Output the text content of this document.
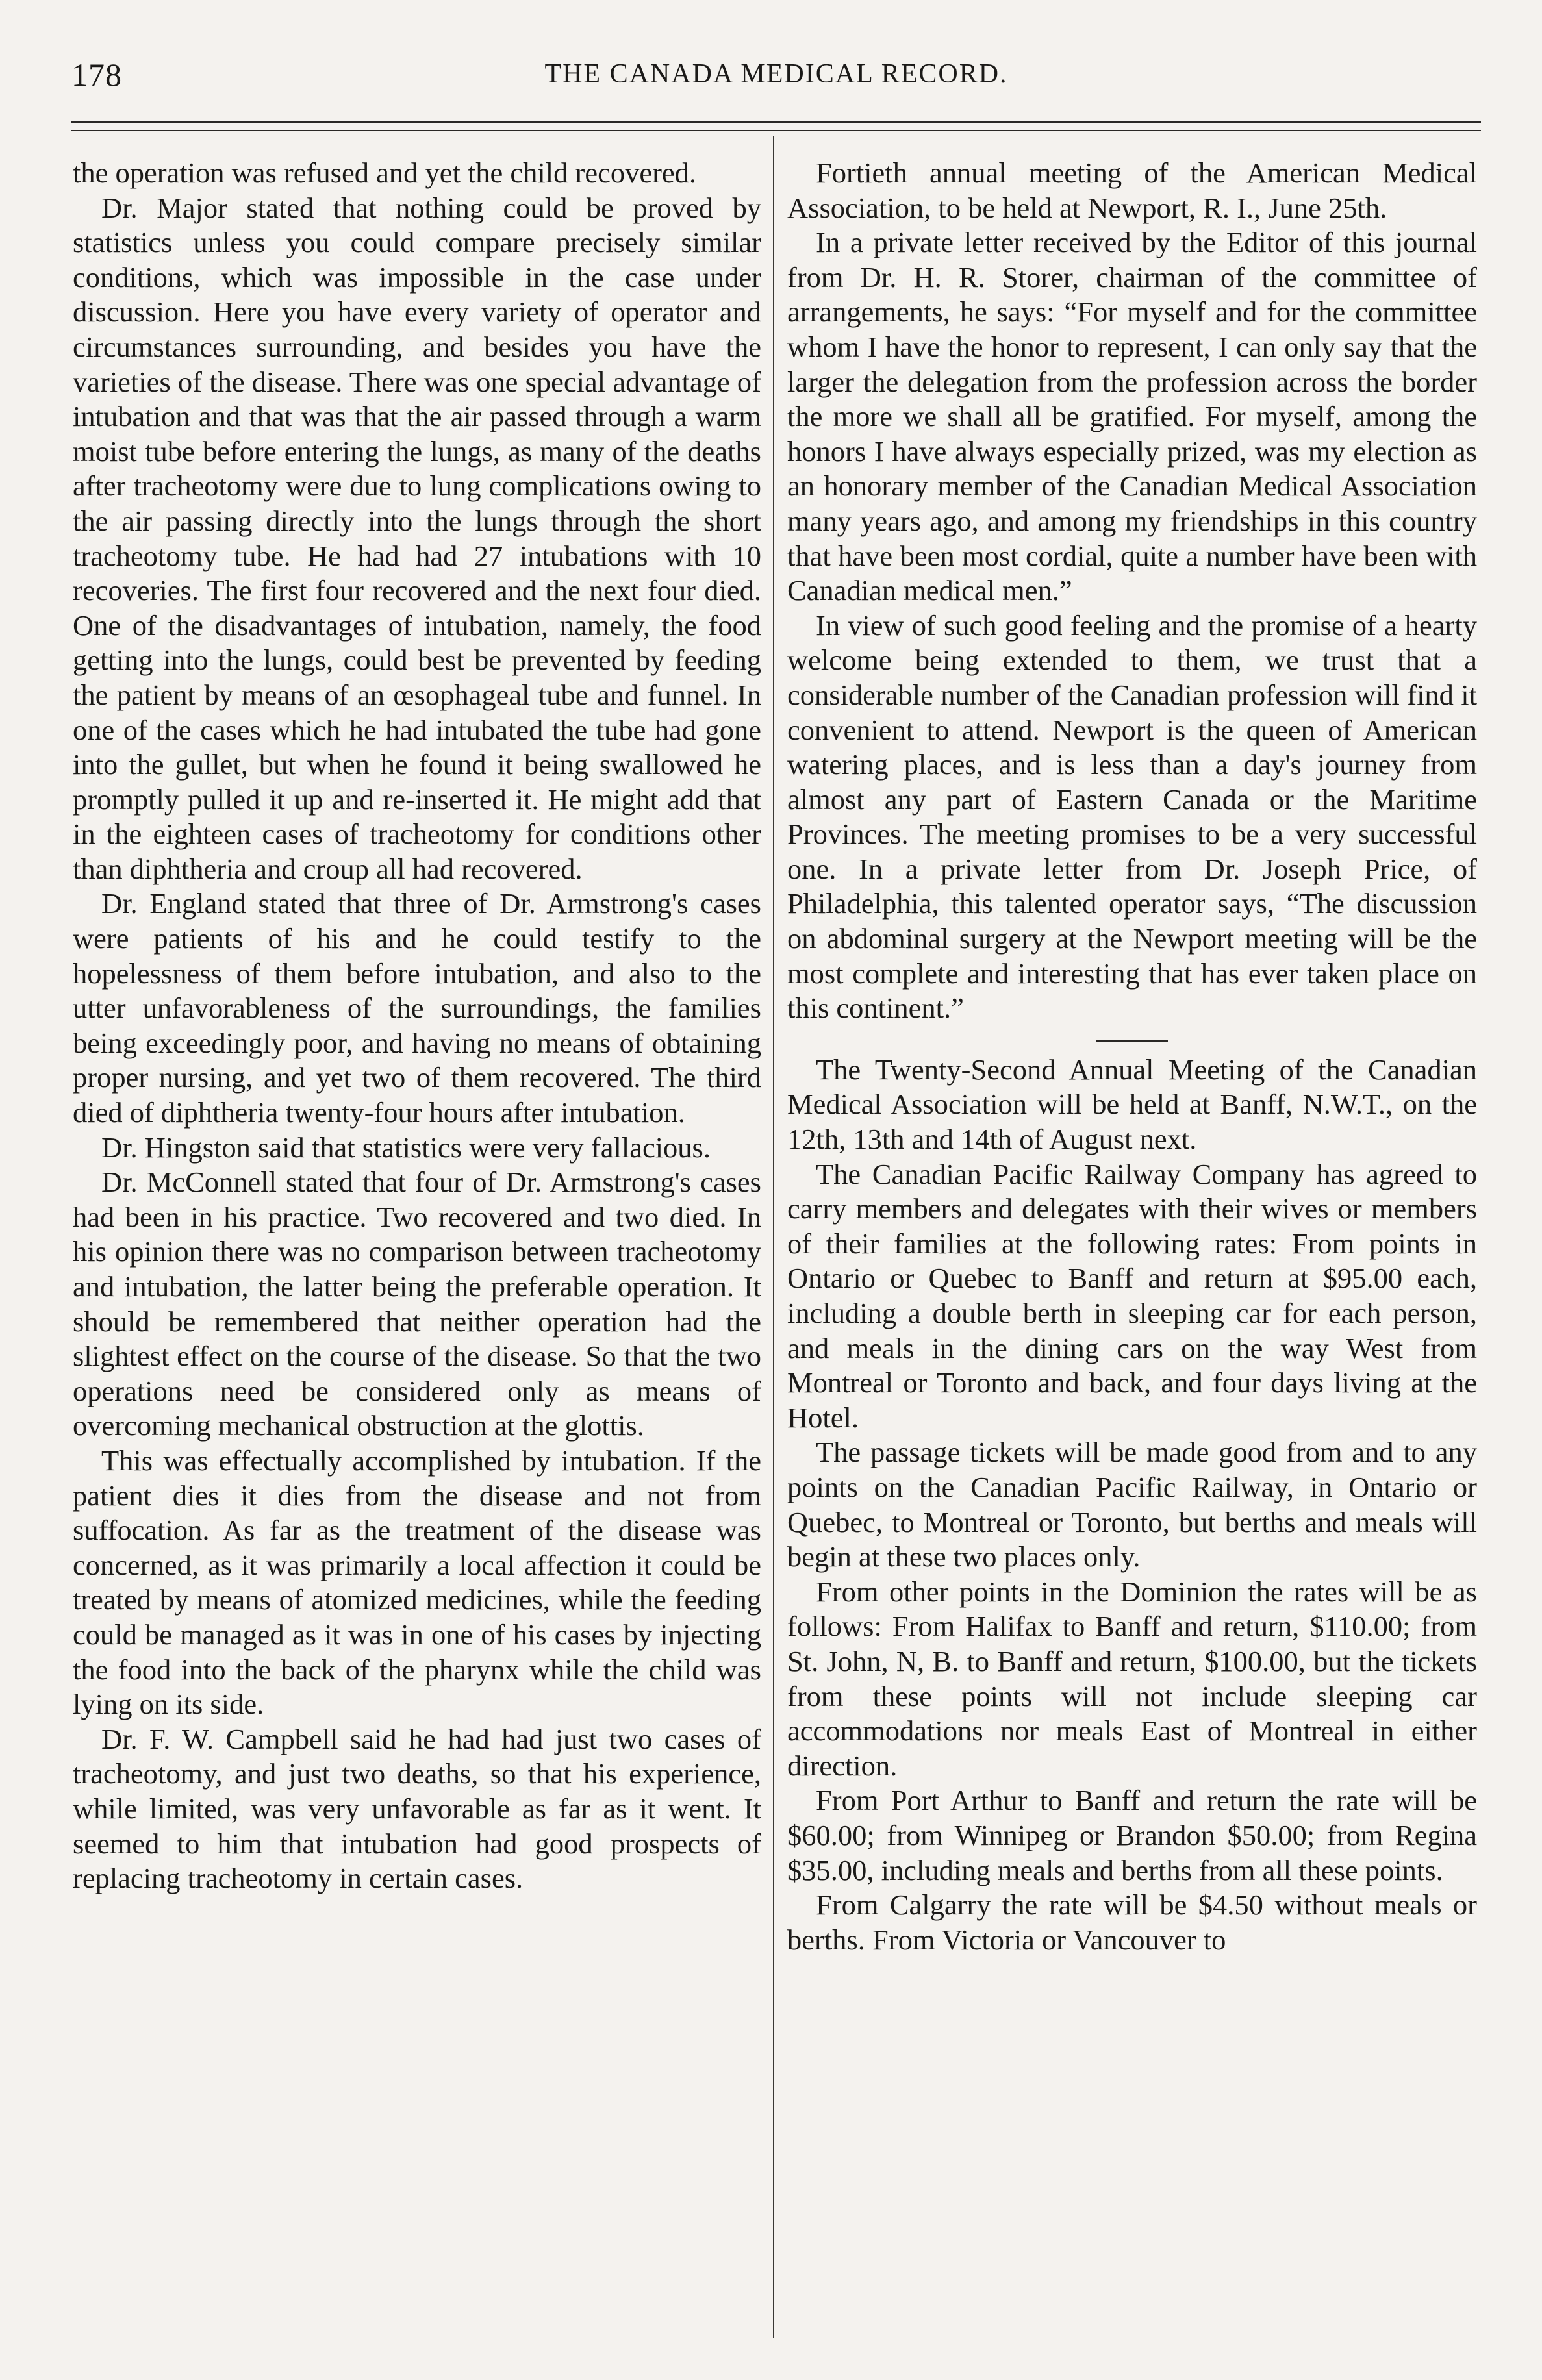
178	THE CANADA MEDICAL RECORD.

the operation was refused and yet the child recovered.

Dr. Major stated that nothing could be proved by statistics unless you could compare precisely similar conditions, which was impossible in the case under discussion. Here you have every variety of operator and circumstances surrounding, and besides you have the varieties of the disease. There was one special advantage of intubation and that was that the air passed through a warm moist tube before entering the lungs, as many of the deaths after tracheotomy were due to lung complications owing to the air passing directly into the lungs through the short tracheotomy tube. He had had 27 intubations with 10 recoveries. The first four recovered and the next four died. One of the disadvantages of intubation, namely, the food getting into the lungs, could best be prevented by feeding the patient by means of an œsophageal tube and funnel. In one of the cases which he had intubated the tube had gone into the gullet, but when he found it being swallowed he promptly pulled it up and re-inserted it. He might add that in the eighteen cases of tracheotomy for conditions other than diphtheria and croup all had recovered.

Dr. England stated that three of Dr. Armstrong's cases were patients of his and he could testify to the hopelessness of them before intubation, and also to the utter unfavorableness of the surroundings, the families being exceedingly poor, and having no means of obtaining proper nursing, and yet two of them recovered. The third died of diphtheria twenty-four hours after intubation.

Dr. Hingston said that statistics were very fallacious.

Dr. McConnell stated that four of Dr. Armstrong's cases had been in his practice. Two recovered and two died. In his opinion there was no comparison between tracheotomy and intubation, the latter being the preferable operation. It should be remembered that neither operation had the slightest effect on the course of the disease. So that the two operations need be considered only as means of overcoming mechanical obstruction at the glottis.

This was effectually accomplished by intubation. If the patient dies it dies from the disease and not from suffocation. As far as the treatment of the disease was concerned, as it was primarily a local affection it could be treated by means of atomized medicines, while the feeding could be managed as it was in one of his cases by injecting the food into the back of the pharynx while the child was lying on its side.

Dr. F. W. Campbell said he had had just two cases of tracheotomy, and just two deaths, so that his experience, while limited, was very unfavorable as far as it went. It seemed to him that intubation had good prospects of replacing tracheotomy in certain cases.

Fortieth annual meeting of the American Medical Association, to be held at Newport, R. I., June 25th.

In a private letter received by the Editor of this journal from Dr. H. R. Storer, chairman of the committee of arrangements, he says: “For myself and for the committee whom I have the honor to represent, I can only say that the larger the delegation from the profession across the border the more we shall all be gratified. For myself, among the honors I have always especially prized, was my election as an honorary member of the Canadian Medical Association many years ago, and among my friendships in this country that have been most cordial, quite a number have been with Canadian medical men.”

In view of such good feeling and the promise of a hearty welcome being extended to them, we trust that a considerable number of the Canadian profession will find it convenient to attend. Newport is the queen of American watering places, and is less than a day's journey from almost any part of Eastern Canada or the Maritime Provinces. The meeting promises to be a very successful one. In a private letter from Dr. Joseph Price, of Philadelphia, this talented operator says, “The discussion on abdominal surgery at the Newport meeting will be the most complete and interesting that has ever taken place on this continent.”

The Twenty-Second Annual Meeting of the Canadian Medical Association will be held at Banff, N.W.T., on the 12th, 13th and 14th of August next.

The Canadian Pacific Railway Company has agreed to carry members and delegates with their wives or members of their families at the following rates: From points in Ontario or Quebec to Banff and return at $95.00 each, including a double berth in sleeping car for each person, and meals in the dining cars on the way West from Montreal or Toronto and back, and four days living at the Hotel.

The passage tickets will be made good from and to any points on the Canadian Pacific Railway, in Ontario or Quebec, to Montreal or Toronto, but berths and meals will begin at these two places only.

From other points in the Dominion the rates will be as follows: From Halifax to Banff and return, $110.00; from St. John, N, B. to Banff and return, $100.00, but the tickets from these points will not include sleeping car accommodations nor meals East of Montreal in either direction.

From Port Arthur to Banff and return the rate will be $60.00; from Winnipeg or Brandon $50.00; from Regina $35.00, including meals and berths from all these points.

From Calgarry the rate will be $4.50 without meals or berths. From Victoria or Vancouver to
